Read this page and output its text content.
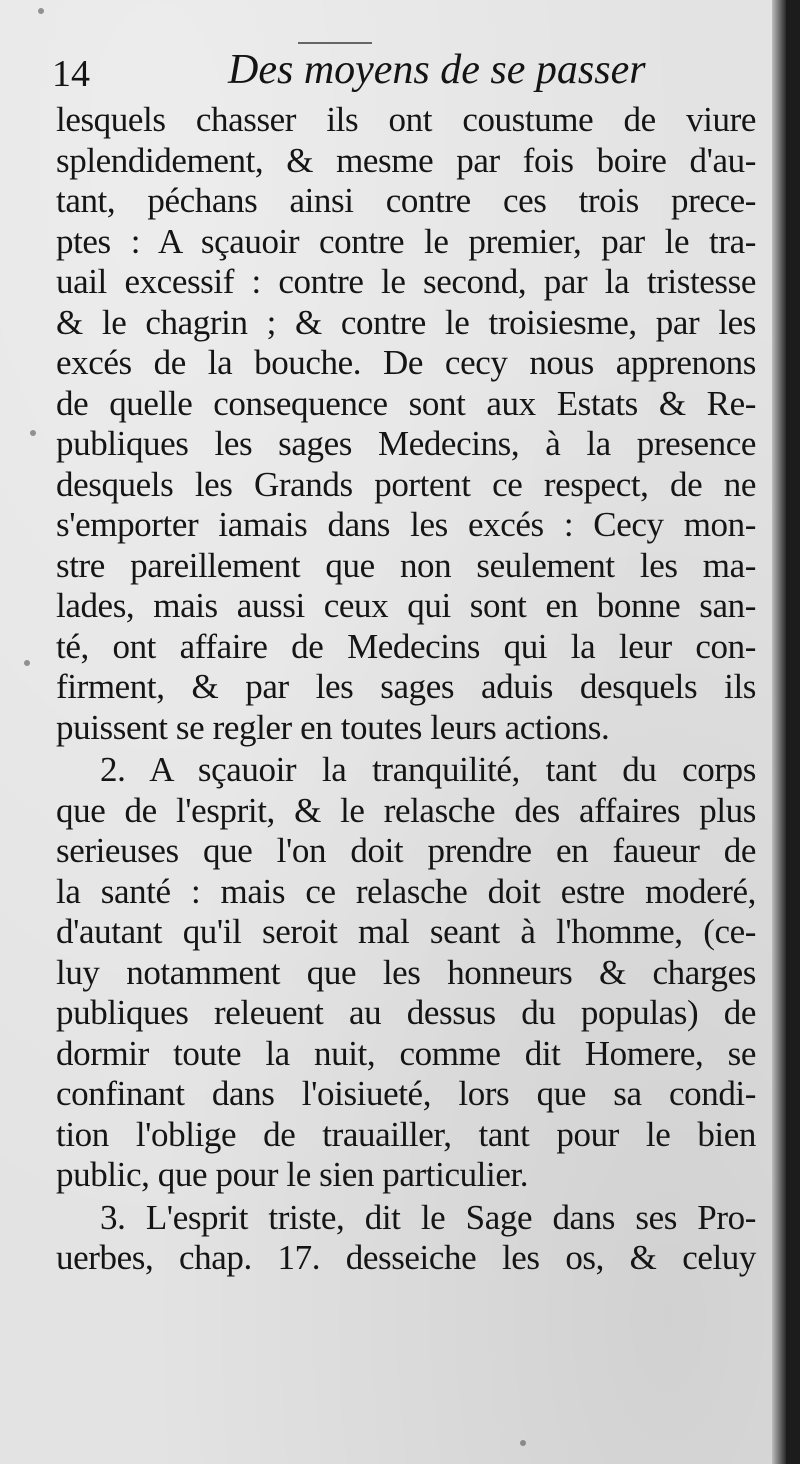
14	Des moyens de se passer
lesquels chasser ils ont coustume de viure
splendidement, & mesme par fois boire d'au-
tant, péchans ainsi contre ces trois prece-
ptes : A sçauoir contre le premier, par le tra-
uail excessif : contre le second, par la tristesse
& le chagrin ; & contre le troisiesme, par les
excés de la bouche. De cecy nous apprenons
de quelle consequence sont aux Estats & Re-
publiques les sages Medecins, à la presence
desquels les Grands portent ce respect, de ne
s'emporter iamais dans les excés : Cecy mon-
stre pareillement que non seulement les ma-
lades, mais aussi ceux qui sont en bonne san-
té, ont affaire de Medecins qui la leur con-
firment, & par les sages aduis desquels ils
puissent se regler en toutes leurs actions.
2. A sçauoir la tranquilité, tant du corps
que de l'esprit, & le relasche des affaires plus
serieuses que l'on doit prendre en faueur de
la santé : mais ce relasche doit estre moderé,
d'autant qu'il seroit mal seant à l'homme, (ce-
luy notamment que les honneurs & charges
publiques releuent au dessus du populas) de
dormir toute la nuit, comme dit Homere, se
confinant dans l'oisiueté, lors que sa condi-
tion l'oblige de trauailler, tant pour le bien
public, que pour le sien particulier.
3. L'esprit triste, dit le Sage dans ses Pro-
uerbes, chap. 17. desseiche les os, & celuy
